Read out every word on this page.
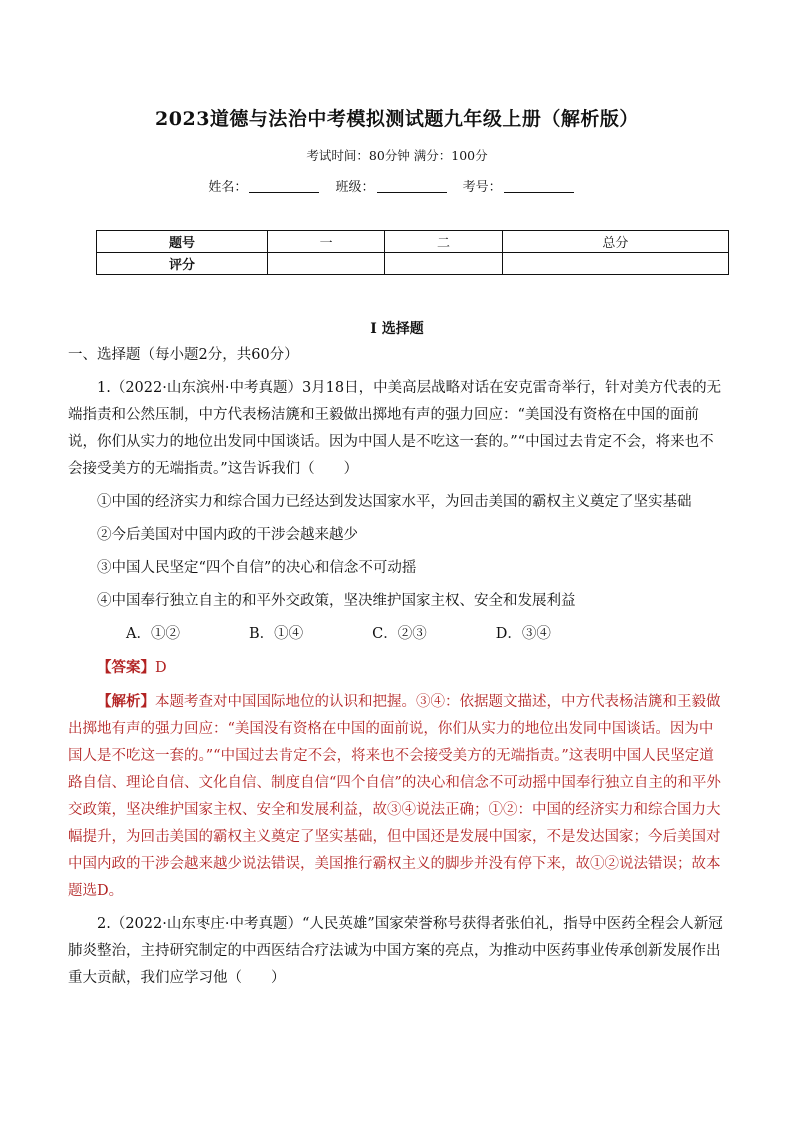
2023道德与法治中考模拟测试题九年级上册（解析版）
考试时间：80分钟 满分：100分
姓名：	班级：	考号：
题号	一	二	总分
评分			
I 选择题

一、选择题（每小题2分，共60分）

1.（2022·山东滨州·中考真题）3月18日，中美高层战略对话在安克雷奇举行，针对美方代表的无端指责和公然压制，中方代表杨洁篪和王毅做出掷地有声的强力回应：“美国没有资格在中国的面前说，你们从实力的地位出发同中国谈话。因为中国人是不吃这一套的。”“中国过去肯定不会，将来也不会接受美方的无端指责。”这告诉我们（　　）

①中国的经济实力和综合国力已经达到发达国家水平，为回击美国的霸权主义奠定了坚实基础

②今后美国对中国内政的干涉会越来越少

③中国人民坚定“四个自信”的决心和信念不可动摇

④中国奉行独立自主的和平外交政策，坚决维护国家主权、安全和发展利益

A．①②	B．①④	C．②③	D．③④

【答案】D

【解析】本题考查对中国国际地位的认识和把握。③④：依据题文描述，中方代表杨洁篪和王毅做出掷地有声的强力回应：“美国没有资格在中国的面前说，你们从实力的地位出发同中国谈话。因为中国人是不吃这一套的。”“中国过去肯定不会，将来也不会接受美方的无端指责。”这表明中国人民坚定道路自信、理论自信、文化自信、制度自信“四个自信”的决心和信念不可动摇中国奉行独立自主的和平外交政策，坚决维护国家主权、安全和发展利益，故③④说法正确；①②：中国的经济实力和综合国力大幅提升，为回击美国的霸权主义奠定了坚实基础，但中国还是发展中国家，不是发达国家；今后美国对中国内政的干涉会越来越少说法错误，美国推行霸权主义的脚步并没有停下来，故①②说法错误；故本题选D。

2.（2022·山东枣庄·中考真题）“人民英雄”国家荣誉称号获得者张伯礼，指导中医药全程会人新冠肺炎整治，主持研究制定的中西医结合疗法诚为中国方案的亮点，为推动中医药事业传承创新发展作出重大贡献，我们应学习他（　　）
